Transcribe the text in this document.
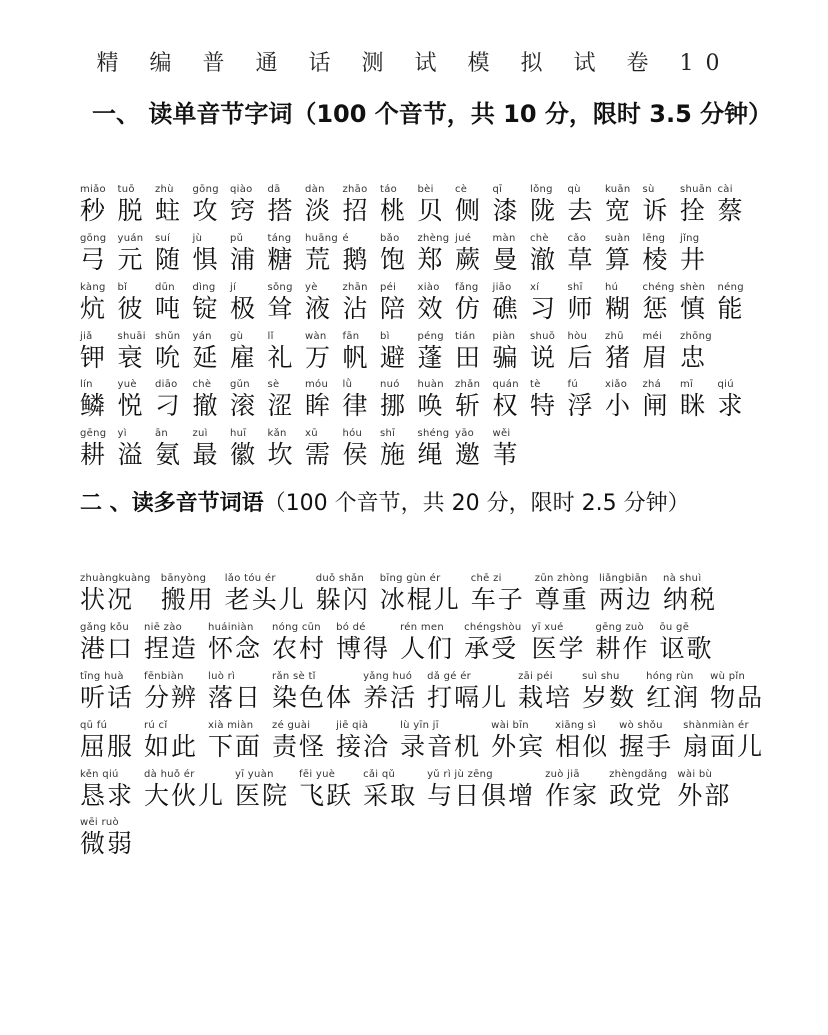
精 编 普 通 话 测 试 模 拟 试 卷 10
一、 读单音节字词（100 个音节，共 10 分，限时 3.5 分钟）
miǎo
秒
tuō
脱
zhù
蛀
gōng
攻
qiào
窍
dā
搭
dàn
淡
zhāo
招
táo
桃
bèi
贝
cè
侧
qī
漆
lǒng
陇
qù
去
kuān
宽
sù
诉
shuān
拴
cài
蔡
gōng
弓
yuán
元
suí
随
jù
惧
pǔ
浦
táng
糖
huāng
荒
é
鹅
bǎo
饱
zhèng
郑
jué
蕨
màn
曼
chè
澈
cǎo
草
suàn
算
lēng
棱
jǐng
井
kàng
炕
bǐ
彼
dūn
吨
dìng
锭
jí
极
sǒng
耸
yè
液
zhān
沾
péi
陪
xiào
效
fǎng
仿
jiāo
礁
xí
习
shī
师
hú
糊
chéng
惩
shèn
慎
néng
能
jiǎ
钾
shuāi
衰
shǔn
吮
yán
延
gù
雇
lǐ
礼
wàn
万
fān
帆
bì
避
péng
蓬
tián
田
piàn
骗
shuō
说
hòu
后
zhū
猪
méi
眉
zhōng
忠
lín
鳞
yuè
悦
diāo
刁
chè
撤
gǔn
滚
sè
涩
móu
眸
lǜ
律
nuó
挪
huàn
唤
zhǎn
斩
quán
权
tè
特
fú
浮
xiǎo
小
zhá
闸
mī
眯
qiú
求
gēng
耕
yì
溢
ān
氨
zuì
最
huī
徽
kǎn
坎
xū
需
hóu
侯
shī
施
shéng
绳
yāo
邀
wěi
苇
二 、读多音节词语（100 个音节，共 20 分，限时 2.5 分钟）
zhuàngkuàng
状况
bānyòng
搬用
lǎo tóu ér
老头儿
duǒ shǎn
躲闪
bīng gùn ér
冰棍儿
chē zi
车子
zūn zhòng
尊重
liǎngbiān
两边
nà shuì
纳税
gǎng kǒu
港口
niē zào
捏造
huáiniàn
怀念
nóng cūn
农村
bó dé
博得
rén men
人们
chéngshòu
承受
yī xué
医学
gēng zuò
耕作
ōu gē
讴歌
tīng huà
听话
fēnbiàn
分辨
luò rì
落日
rǎn sè tǐ
染色体
yǎng huó
养活
dǎ gé ér
打嗝儿
zāi péi
栽培
suì shu
岁数
hóng rùn
红润
wù pǐn
物品
qū fú
屈服
rú cǐ
如此
xià miàn
下面
zé guài
责怪
jiē qià
接洽
lù yīn jī
录音机
wài bīn
外宾
xiāng sì
相似
wò shǒu
握手
shànmiàn ér
扇面儿
kěn qiú
恳求
dà huǒ ér
大伙儿
yī yuàn
医院
fēi yuè
飞跃
cǎi qǔ
采取
yǔ rì jù zēng
与日俱增
zuò jiā
作家
zhèngdǎng
政党
wài bù
外部
wēi ruò
微弱
